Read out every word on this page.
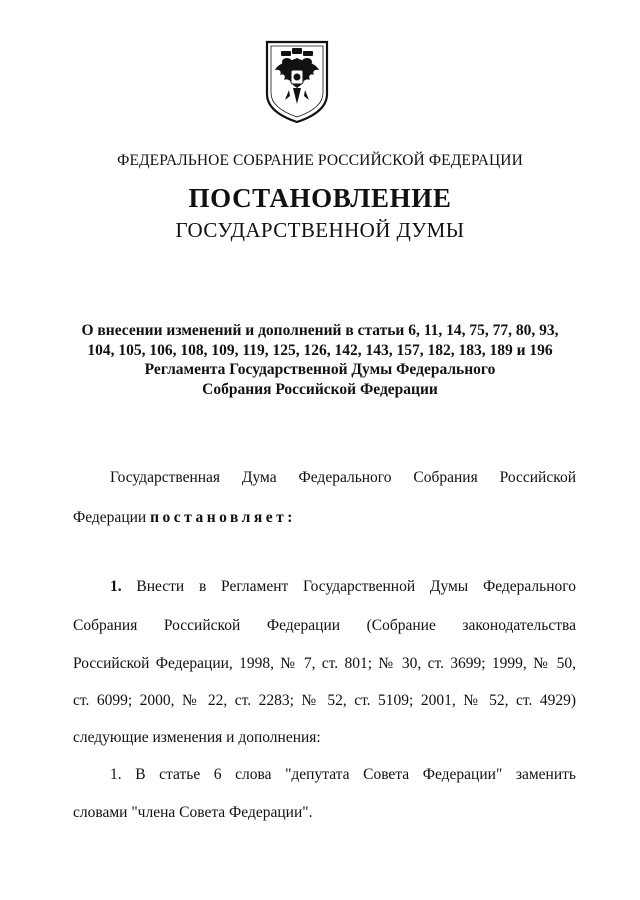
ФЕДЕРАЛЬНОЕ СОБРАНИЕ РОССИЙСКОЙ ФЕДЕРАЦИИ
ПОСТАНОВЛЕНИЕ
ГОСУДАРСТВЕННОЙ ДУМЫ
О внесении изменений и дополнений в статьи 6, 11, 14, 75, 77, 80, 93,
104, 105, 106, 108, 109, 119, 125, 126, 142, 143, 157, 182, 183, 189 и 196
Регламента Государственной Думы Федерального
Собрания Российской Федерации
Государственная Дума Федерального Собрания Российской
Федерации постановляет:
1. Внести в Регламент Государственной Думы Федерального
Собрания Российской Федерации (Собрание законодательства
Российской Федерации, 1998, № 7, ст. 801; № 30, ст. 3699; 1999, № 50,
ст. 6099; 2000, № 22, ст. 2283; № 52, ст. 5109; 2001, № 52, ст. 4929)
следующие изменения и дополнения:
1. В статье 6 слова "депутата Совета Федерации" заменить
словами "члена Совета Федерации".
